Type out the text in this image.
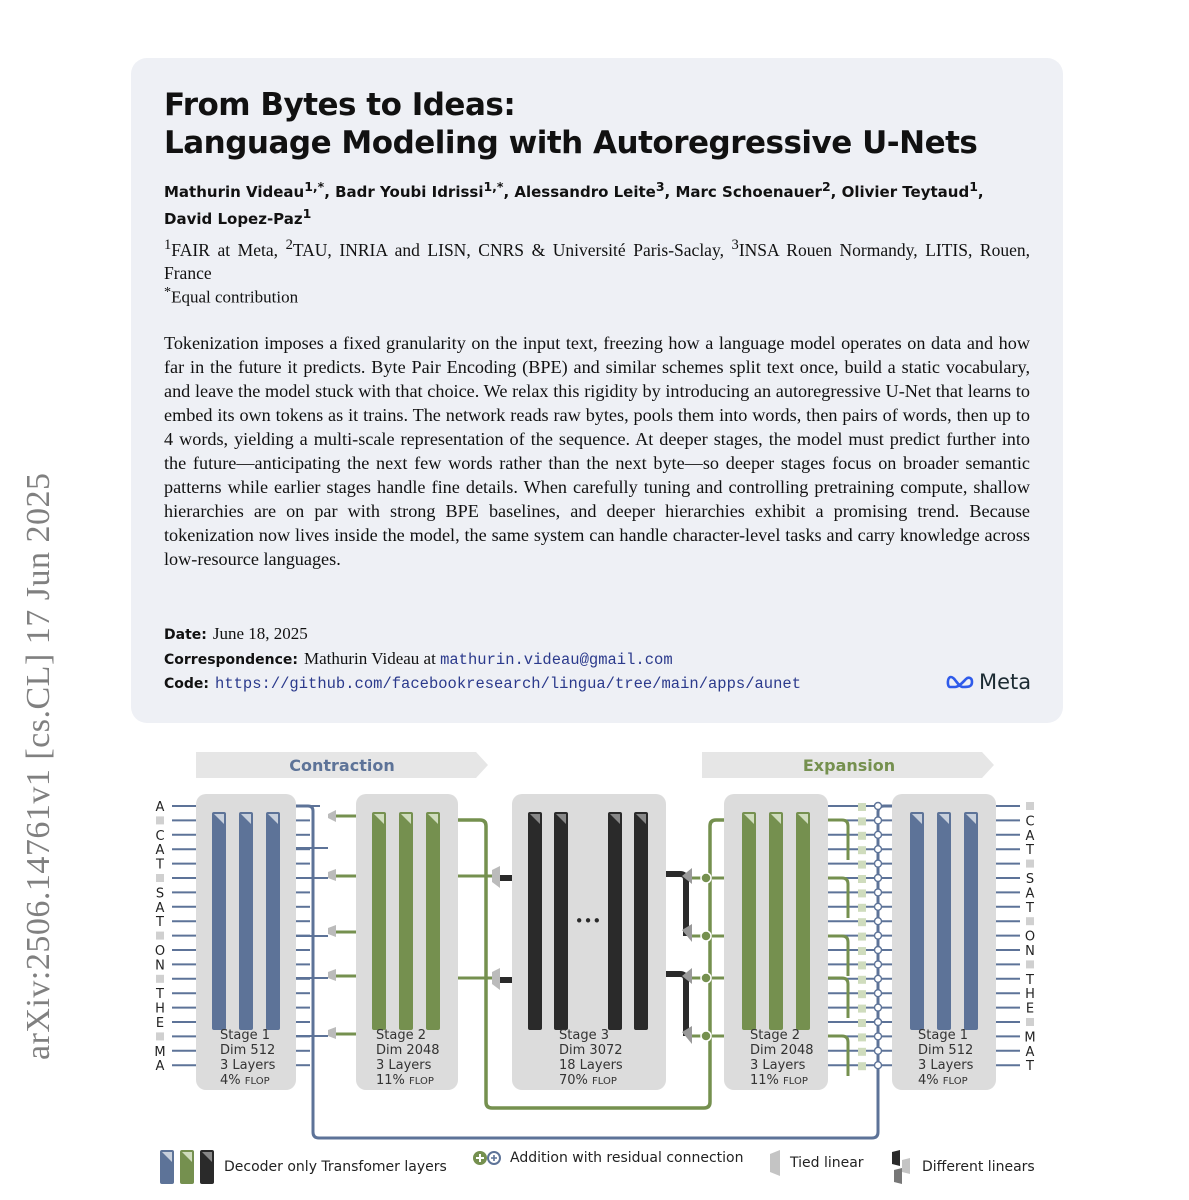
arXiv:2506.14761v1 [cs.CL] 17 Jun 2025
From Bytes to Ideas:
Language Modeling with Autoregressive U-Nets
Mathurin Videau$^{1,*}$, Badr Youbi Idrissi$^{1,*}$, Alessandro Leite$^3$, Marc Schoenauer$^2$, Olivier Teytaud$^1$, David Lopez-Paz$^1$
$^1$FAIR at Meta, $^2$TAU, INRIA and LISN, CNRS & Université Paris-Saclay, $^3$INSA Rouen Normandy, LITIS, Rouen, France
*Equal contribution
Tokenization imposes a fixed granularity on the input text, freezing how a language model operates on data and how far in the future it predicts. Byte Pair Encoding (BPE) and similar schemes split text once, build a static vocabulary, and leave the model stuck with that choice. We relax this rigidity by introducing an autoregressive U-Net that learns to embed its own tokens as it trains. The network reads raw bytes, pools them into words, then pairs of words, then up to 4 words, yielding a multi-scale representation of the sequence. At deeper stages, the model must predict further into the future—anticipating the next few words rather than the next byte—so deeper stages focus on broader semantic patterns while earlier stages handle fine details. When carefully tuning and controlling pretraining compute, shallow hierarchies are on par with strong BPE baselines, and deeper hierarchies exhibit a promising trend. Because tokenization now lives inside the model, the same system can handle character-level tasks and carry knowledge across low-resource languages.
Date: June 18, 2025
Correspondence: Mathurin Videau at mathurin.videau@gmail.com
Code: https://github.com/facebookresearch/lingua/tree/main/apps/aunet	Meta
Contraction	Expansion
•••
A
C
A
T
S
A
T
O
N
T
H
E
M
A
C
A
T
S
A
T
O
N
T
H
E
M
A
T
Stage 1
Dim 512
3 Layers
4% FLOP
Stage 2
Dim 2048
3 Layers
11% FLOP
Stage 3
Dim 3072
18 Layers
70% FLOP
Stage 2
Dim 2048
3 Layers
11% FLOP
Stage 1
Dim 512
3 Layers
4% FLOP
Decoder only Transfomer layers
Addition with residual connection	Tied linear	Different linears
